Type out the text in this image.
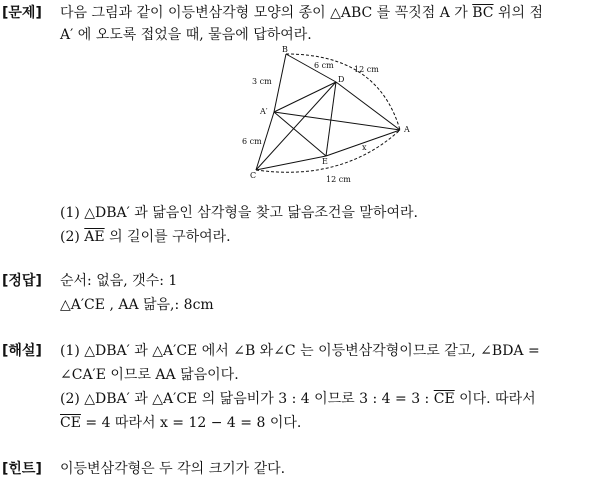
[문제] 다음 그림과 같이 이등변삼각형 모양의 종이 △ABC 를 꼭짓점 A 가 $\overline{BC}$ 위의 점
A′ 에 오도록 접었을 때, 물음에 답하여라.
B
D
A
A′
E
C
x
3 cm
6 cm	12 cm
6 cm
12 cm
(1) △DBA′ 과 닮음인 삼각형을 찾고 닮음조건을 말하여라.
(2) $\overline{AE}$ 의 길이를 구하여라.
[정답] 순서: 없음, 갯수: 1
△A′CE , AA 닮음,: 8cm
[해설] (1) △DBA′ 과 △A′CE 에서 ∠B 와∠C 는 이등변삼각형이므로 같고, ∠BDA =
∠CA′E 이므로 AA 닮음이다.
(2) △DBA′ 과 △A′CE 의 닮음비가 3 : 4 이므로 3 : 4 = 3 : $\overline{CE}$ 이다. 따라서
$\overline{CE} = 4$ 따라서 x = 12 − 4 = 8 이다.
[힌트] 이등변삼각형은 두 각의 크기가 같다.
